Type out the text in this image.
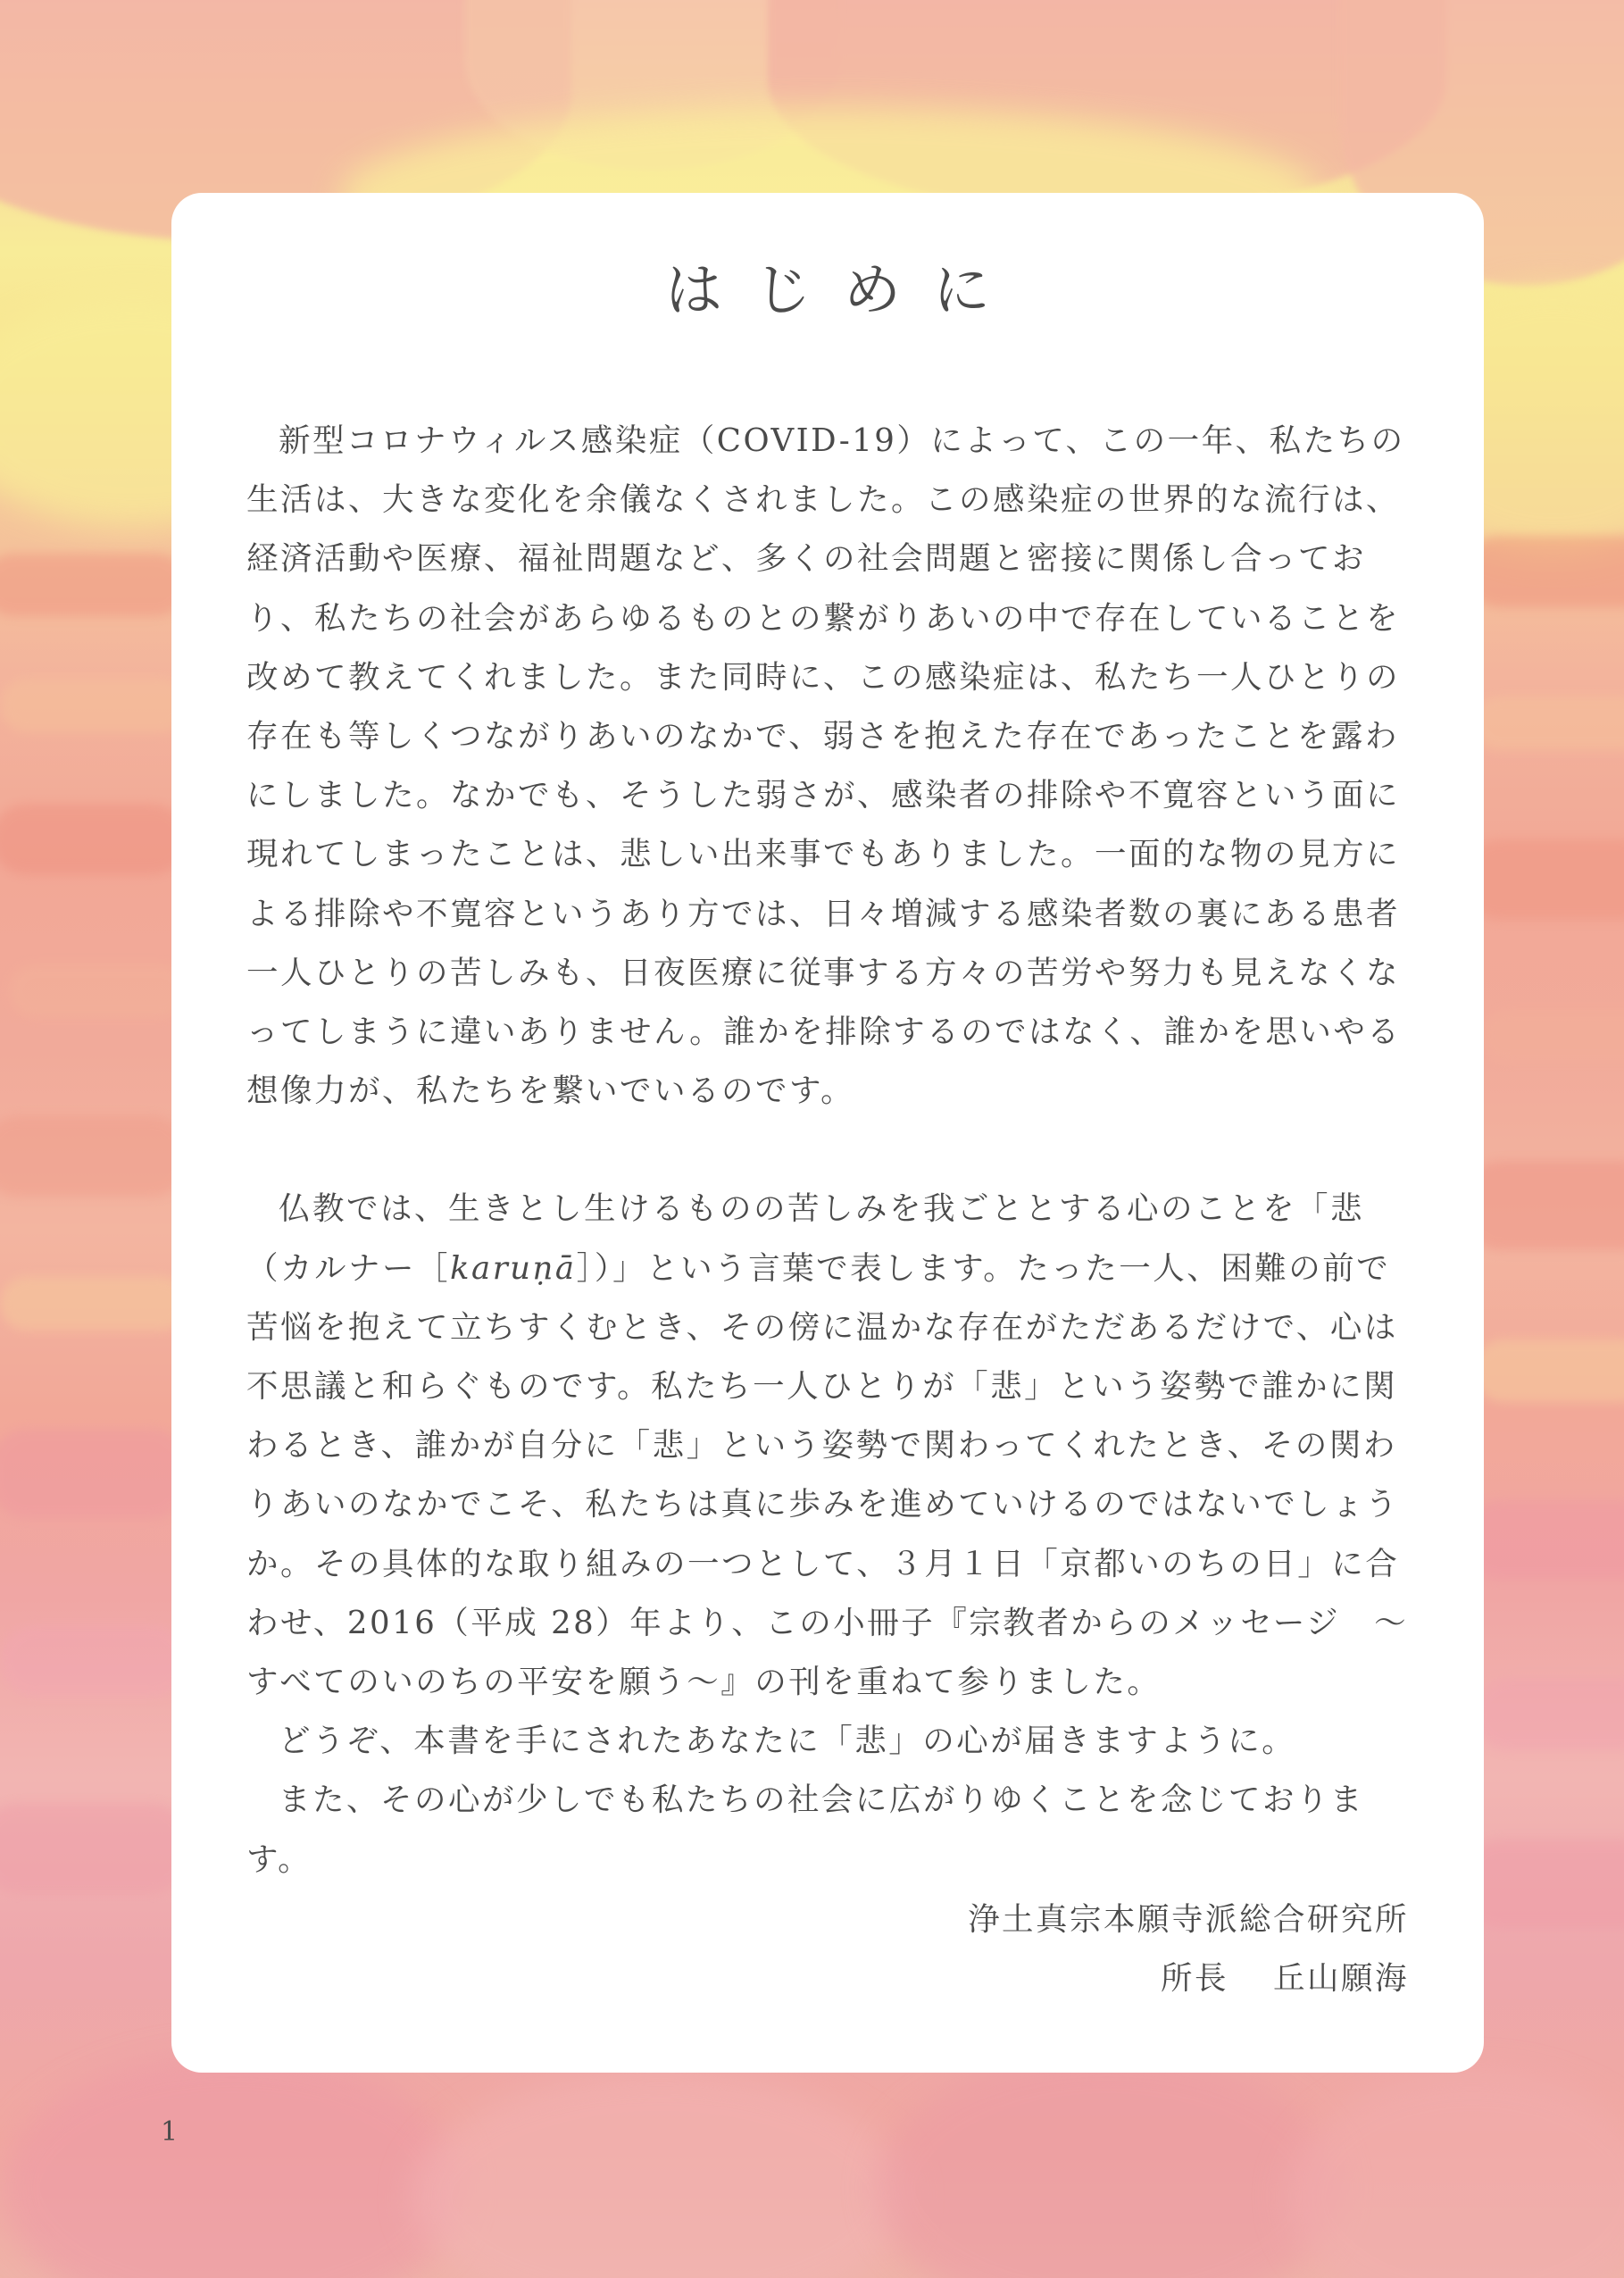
はじめに

新型コロナウィルス感染症（COVID-19）によって、この一年、私たちの生活は、大きな変化を余儀なくされました。この感染症の世界的な流行は、経済活動や医療、福祉問題など、多くの社会問題と密接に関係し合っており、私たちの社会があらゆるものとの繋がりあいの中で存在していることを改めて教えてくれました。また同時に、この感染症は、私たち一人ひとりの存在も等しくつながりあいのなかで、弱さを抱えた存在であったことを露わにしました。なかでも、そうした弱さが、感染者の排除や不寛容という面に現れてしまったことは、悲しい出来事でもありました。一面的な物の見方による排除や不寛容というあり方では、日々増減する感染者数の裏にある患者一人ひとりの苦しみも、日夜医療に従事する方々の苦労や努力も見えなくなってしまうに違いありません。誰かを排除するのではなく、誰かを思いやる想像力が、私たちを繋いでいるのです。

仏教では、生きとし生けるものの苦しみを我ごととする心のことを「悲（カルナー［karuṇā］）」という言葉で表します。たった一人、困難の前で苦悩を抱えて立ちすくむとき、その傍に温かな存在がただあるだけで、心は不思議と和らぐものです。私たち一人ひとりが「悲」という姿勢で誰かに関わるとき、誰かが自分に「悲」という姿勢で関わってくれたとき、その関わりあいのなかでこそ、私たちは真に歩みを進めていけるのではないでしょうか。その具体的な取り組みの一つとして、３月１日「京都いのちの日」に合わせ、2016（平成 28）年より、この小冊子『宗教者からのメッセージ　～すべてのいのちの平安を願う～』の刊を重ねて参りました。

どうぞ、本書を手にされたあなたに「悲」の心が届きますように。

また、その心が少しでも私たちの社会に広がりゆくことを念じております。

浄土真宗本願寺派総合研究所
所長 丘山願海
1
